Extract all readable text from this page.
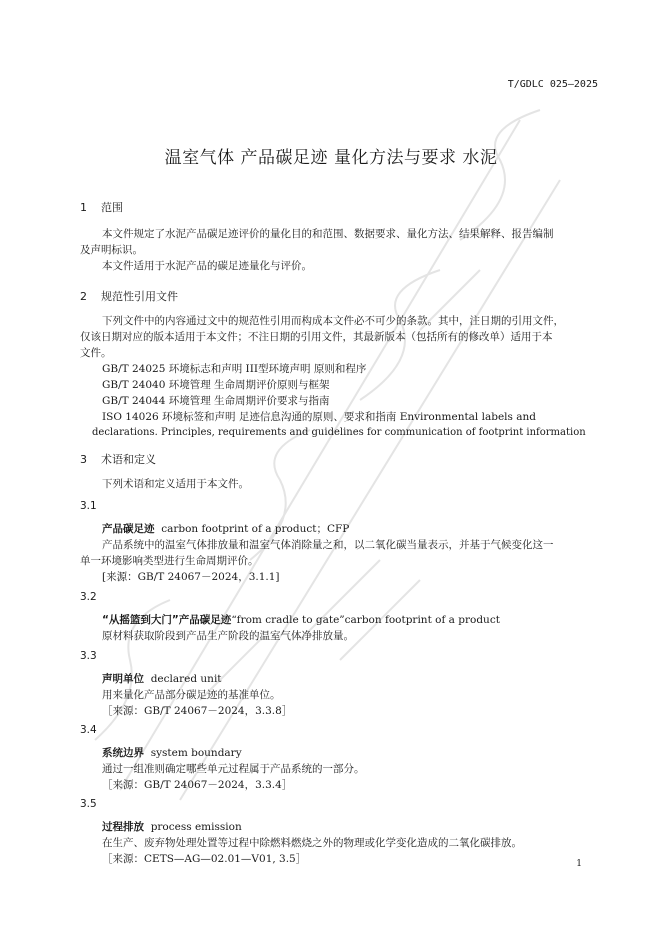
T/GDLC 025—2025
温室气体 产品碳足迹 量化方法与要求 水泥
1 范围
本文件规定了水泥产品碳足迹评价的量化目的和范围、数据要求、量化方法、结果解释、报告编制
及声明标识。
本文件适用于水泥产品的碳足迹量化与评价。
2 规范性引用文件
下列文件中的内容通过文中的规范性引用而构成本文件必不可少的条款。其中，注日期的引用文件，
仅该日期对应的版本适用于本文件；不注日期的引用文件，其最新版本（包括所有的修改单）适用于本
文件。
GB/T 24025 环境标志和声明 III型环境声明 原则和程序
GB/T 24040 环境管理 生命周期评价原则与框架
GB/T 24044 环境管理 生命周期评价要求与指南
ISO 14026 环境标签和声明 足迹信息沟通的原则、要求和指南 Environmental labels and
declarations. Principles, requirements and guidelines for communication of footprint information
3 术语和定义
下列术语和定义适用于本文件。
3.1
产品碳足迹 carbon footprint of a product；CFP
产品系统中的温室气体排放量和温室气体消除量之和，以二氧化碳当量表示，并基于气候变化这一
单一环境影响类型进行生命周期评价。
[来源：GB/T 24067－2024，3.1.1]
3.2
“从摇篮到大门”产品碳足迹“from cradle to gate”carbon footprint of a product
原材料获取阶段到产品生产阶段的温室气体净排放量。
3.3
声明单位 declared unit
用来量化产品部分碳足迹的基准单位。
［来源：GB/T 24067－2024，3.3.8］
3.4
系统边界 system boundary
通过一组准则确定哪些单元过程属于产品系统的一部分。
［来源：GB/T 24067－2024，3.3.4］
3.5
过程排放 process emission
在生产、废弃物处理处置等过程中除燃料燃烧之外的物理或化学变化造成的二氧化碳排放。
［来源：CETS—AG—02.01—V01, 3.5］	1
